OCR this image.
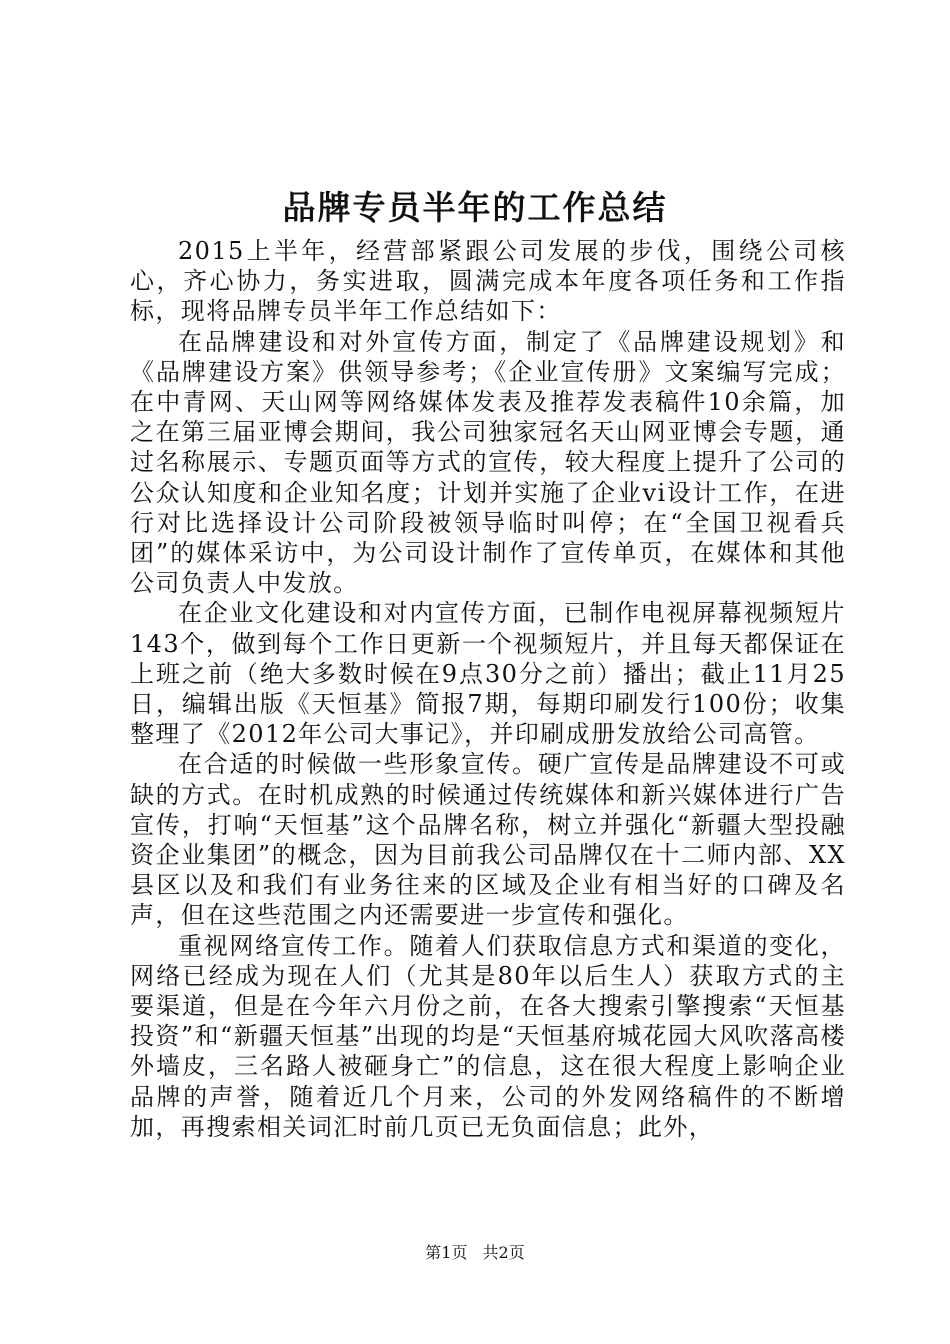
品牌专员半年的工作总结

2015上半年，经营部紧跟公司发展的步伐，围绕公司核心，齐心协力，务实进取，圆满完成本年度各项任务和工作指标，现将品牌专员半年工作总结如下：

在品牌建设和对外宣传方面，制定了《品牌建设规划》和《品牌建设方案》供领导参考；《企业宣传册》文案编写完成；在中青网、天山网等网络媒体发表及推荐发表稿件10余篇，加之在第三届亚博会期间，我公司独家冠名天山网亚博会专题，通过名称展示、专题页面等方式的宣传，较大程度上提升了公司的公众认知度和企业知名度；计划并实施了企业vi设计工作，在进行对比选择设计公司阶段被领导临时叫停；在“全国卫视看兵团”的媒体采访中，为公司设计制作了宣传单页，在媒体和其他公司负责人中发放。

在企业文化建设和对内宣传方面，已制作电视屏幕视频短片143个，做到每个工作日更新一个视频短片，并且每天都保证在上班之前（绝大多数时候在9点30分之前）播出；截止11月25日，编辑出版《天恒基》简报7期，每期印刷发行100份；收集整理了《2012年公司大事记》，并印刷成册发放给公司高管。

在合适的时候做一些形象宣传。硬广宣传是品牌建设不可或缺的方式。在时机成熟的时候通过传统媒体和新兴媒体进行广告宣传，打响“天恒基”这个品牌名称，树立并强化“新疆大型投融资企业集团”的概念，因为目前我公司品牌仅在十二师内部、XX县区以及和我们有业务往来的区域及企业有相当好的口碑及名声，但在这些范围之内还需要进一步宣传和强化。

重视网络宣传工作。随着人们获取信息方式和渠道的变化，网络已经成为现在人们（尤其是80年以后生人）获取方式的主要渠道，但是在今年六月份之前，在各大搜索引擎搜索“天恒基投资”和“新疆天恒基”出现的均是“天恒基府城花园大风吹落高楼外墙皮，三名路人被砸身亡”的信息，这在很大程度上影响企业品牌的声誉，随着近几个月来，公司的外发网络稿件的不断增加，再搜索相关词汇时前几页已无负面信息；此外，

第1页 共2页
